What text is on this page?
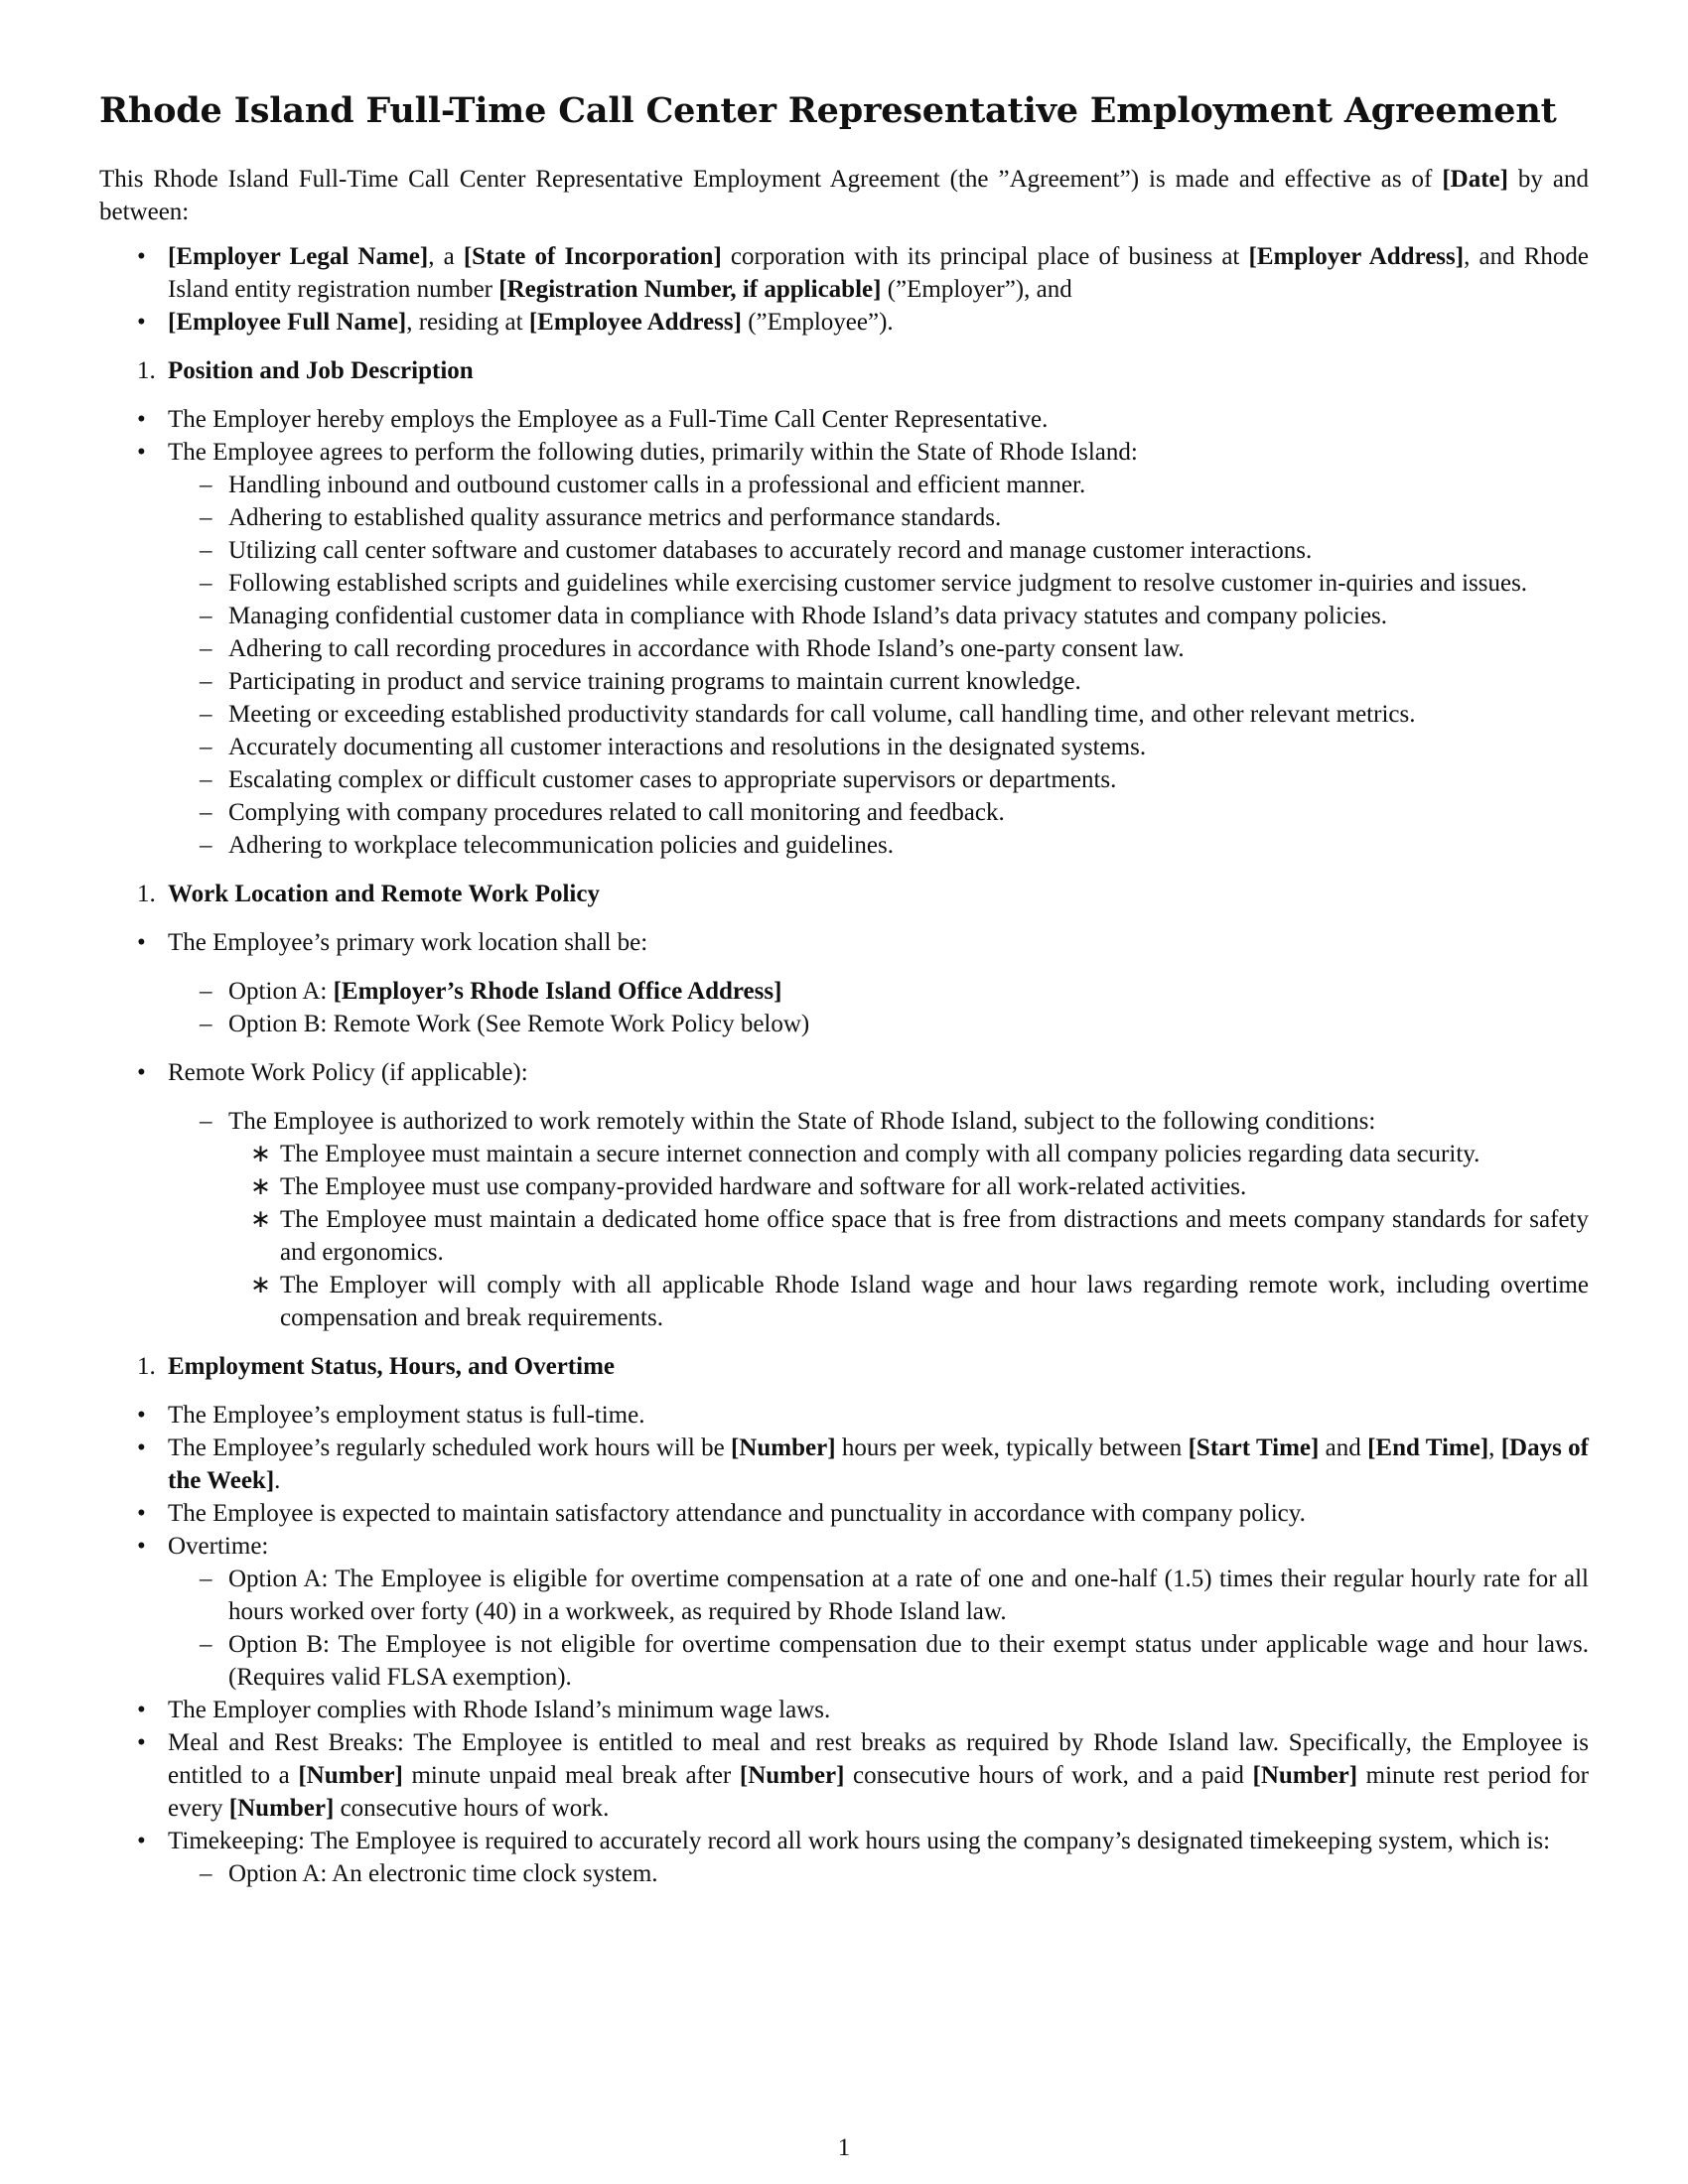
Rhode Island Full-Time Call Center Representative Employment Agreement

This Rhode Island Full-Time Call Center Representative Employment Agreement (the ”Agreement”) is made and effective as of [Date] by and between:

• [Employer Legal Name], a [State of Incorporation] corporation with its principal place of business at [Employer Address], and Rhode Island entity registration number [Registration Number, if applicable] (”Employer”), and
• [Employee Full Name], residing at [Employee Address] (”Employee”).
1. Position and Job Description
• The Employer hereby employs the Employee as a Full-Time Call Center Representative.
• The Employee agrees to perform the following duties, primarily within the State of Rhode Island:
– Handling inbound and outbound customer calls in a professional and efficient manner.
– Adhering to established quality assurance metrics and performance standards.
– Utilizing call center software and customer databases to accurately record and manage customer interactions.
– Following established scripts and guidelines while exercising customer service judgment to resolve customer in-quiries and issues.
– Managing confidential customer data in compliance with Rhode Island’s data privacy statutes and company policies.
– Adhering to call recording procedures in accordance with Rhode Island’s one-party consent law.
– Participating in product and service training programs to maintain current knowledge.
– Meeting or exceeding established productivity standards for call volume, call handling time, and other relevant metrics.
– Accurately documenting all customer interactions and resolutions in the designated systems.
– Escalating complex or difficult customer cases to appropriate supervisors or departments.
– Complying with company procedures related to call monitoring and feedback.
– Adhering to workplace telecommunication policies and guidelines.
1. Work Location and Remote Work Policy
• The Employee’s primary work location shall be:
– Option A: [Employer’s Rhode Island Office Address]
– Option B: Remote Work (See Remote Work Policy below)
• Remote Work Policy (if applicable):
– The Employee is authorized to work remotely within the State of Rhode Island, subject to the following conditions:
∗ The Employee must maintain a secure internet connection and comply with all company policies regarding data security.
∗ The Employee must use company-provided hardware and software for all work-related activities.
∗ The Employee must maintain a dedicated home office space that is free from distractions and meets company standards for safety and ergonomics.
∗ The Employer will comply with all applicable Rhode Island wage and hour laws regarding remote work, including overtime compensation and break requirements.
1. Employment Status, Hours, and Overtime
• The Employee’s employment status is full-time.
• The Employee’s regularly scheduled work hours will be [Number] hours per week, typically between [Start Time] and [End Time], [Days of the Week].
• The Employee is expected to maintain satisfactory attendance and punctuality in accordance with company policy.
• Overtime:
– Option A: The Employee is eligible for overtime compensation at a rate of one and one-half (1.5) times their regular hourly rate for all hours worked over forty (40) in a workweek, as required by Rhode Island law.
– Option B: The Employee is not eligible for overtime compensation due to their exempt status under applicable wage and hour laws. (Requires valid FLSA exemption).
• The Employer complies with Rhode Island’s minimum wage laws.
• Meal and Rest Breaks: The Employee is entitled to meal and rest breaks as required by Rhode Island law. Specifically, the Employee is entitled to a [Number] minute unpaid meal break after [Number] consecutive hours of work, and a paid [Number] minute rest period for every [Number] consecutive hours of work.
• Timekeeping: The Employee is required to accurately record all work hours using the company’s designated timekeeping system, which is:
– Option A: An electronic time clock system.
1
